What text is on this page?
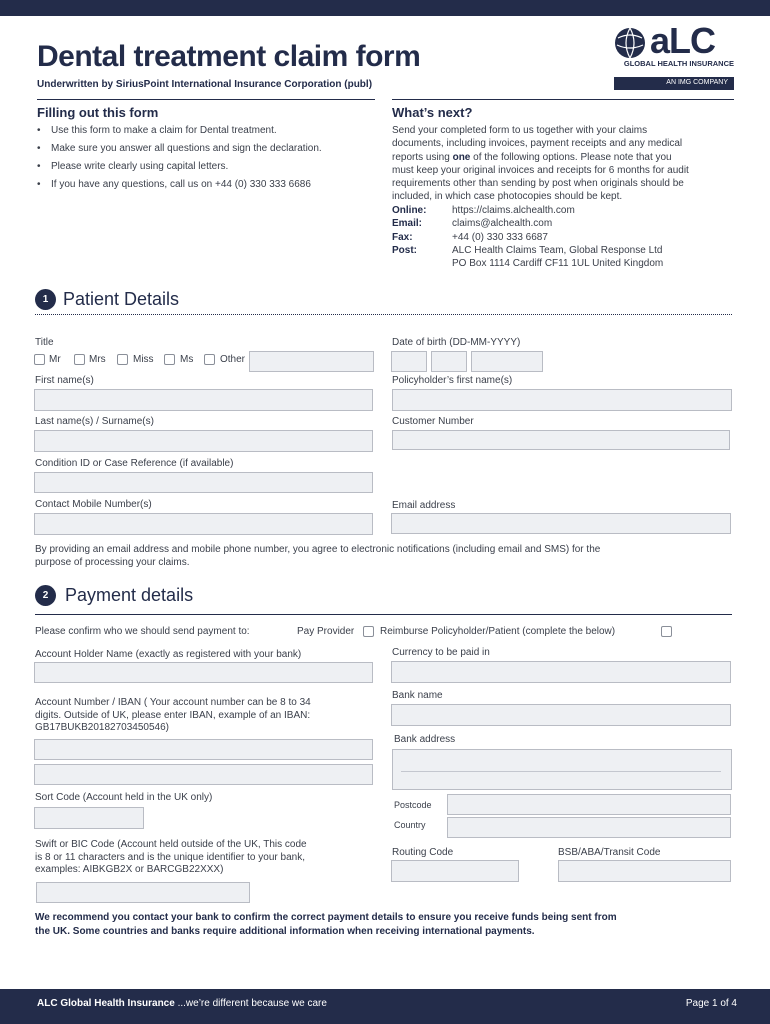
Dental treatment claim form
Underwritten by SiriusPoint International Insurance Corporation (publ)
aLC
GLOBAL HEALTH INSURANCE
AN IMG COMPANY
Filling out this form
• Use this form to make a claim for Dental treatment.
• Make sure you answer all questions and sign the declaration.
• Please write clearly using capital letters.
• If you have any questions, call us on +44 (0) 330 333 6686
What’s next?
Send your completed form to us together with your claims
documents, including invoices, payment receipts and any medical
reports using one of the following options. Please note that you
must keep your original invoices and receipts for 6 months for audit
requirements other than sending by post when originals should be
included, in which case photocopies should be kept.
Online:	https://claims.alchealth.com
Email:	claims@alchealth.com
Fax:	+44 (0) 330 333 6687
Post:	ALC Health Claims Team, Global Response Ltd
PO Box 1114 Cardiff CF11 1UL United Kingdom
1 Patient Details
Title
Mr	Mrs	Miss	Ms	Other
Date of birth (DD-MM-YYYY)
First name(s)	Policyholder’s first name(s)
Last name(s) / Surname(s)	Customer Number
Condition ID or Case Reference (if available)
Contact Mobile Number(s)	Email address
By providing an email address and mobile phone number, you agree to electronic notifications (including email and SMS) for the
purpose of processing your claims.
2 Payment details
Please confirm who we should send payment to:	Pay Provider	Reimburse Policyholder/Patient (complete the below)
Account Holder Name (exactly as registered with your bank)	Currency to be paid in
Account Number / IBAN ( Your account number can be 8 to 34
digits. Outside of UK, please enter IBAN, example of an IBAN:
GB17BUKB20182703450546)
Bank name
Bank address
Sort Code (Account held in the UK only)
Postcode
Country
Swift or BIC Code (Account held outside of the UK, This code
is 8 or 11 characters and is the unique identifier to your bank,
examples: AIBKGB2X or BARCGB22XXX)
Routing Code	BSB/ABA/Transit Code
We recommend you contact your bank to confirm the correct payment details to ensure you receive funds being sent from
the UK. Some countries and banks require additional information when receiving international payments.
ALC Global Health Insurance ...we’re different because we care	Page 1 of 4
